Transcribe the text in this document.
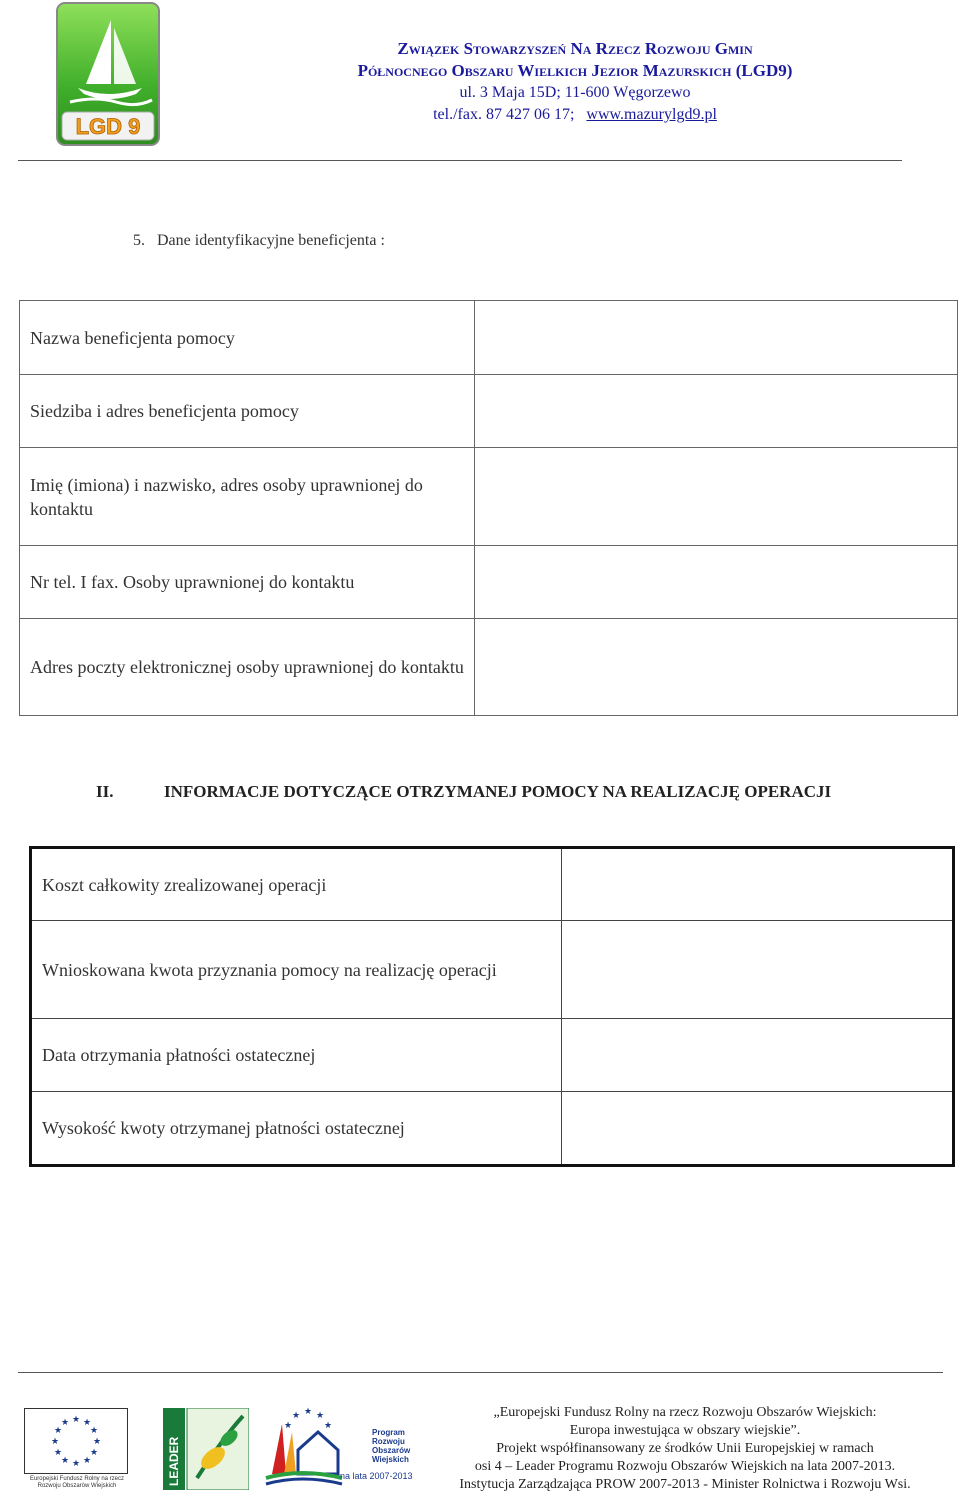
LGD 9
Związek Stowarzyszeń Na Rzecz Rozwoju Gmin
Północnego Obszaru Wielkich Jezior Mazurskich (LGD9)
ul. 3 Maja 15D; 11-600 Węgorzewo
tel./fax. 87 427 06 17; www.mazurylgd9.pl
5.   Dane identyfikacyjne beneficjenta :
Nazwa beneficjenta pomocy	
Siedziba i adres beneficjenta pomocy	
Imię (imiona) i nazwisko, adres osoby uprawnionej do kontaktu	
Nr tel. I fax. Osoby uprawnionej do kontaktu	
Adres poczty elektronicznej osoby uprawnionej do kontaktu	
II.	INFORMACJE DOTYCZĄCE OTRZYMANEJ POMOCY NA REALIZACJĘ OPERACJI
Koszt całkowity zrealizowanej operacji	
Wnioskowana kwota przyznania pomocy na realizację operacji	
Data otrzymania płatności ostatecznej	
Wysokość kwoty otrzymanej płatności ostatecznej	
★ ★
★
★
★
★
★
★
★
★
★
★
Europejski Fundusz Rolny na rzecz Rozwoju Obszarów Wiejskich	LEADER
★ ★
★
★
★
Program Rozwoju Obszarów Wiejskich
na lata 2007-2013
„Europejski Fundusz Rolny na rzecz Rozwoju Obszarów Wiejskich:
Europa inwestująca w obszary wiejskie”.
Projekt współfinansowany ze środków Unii Europejskiej w ramach
osi 4 – Leader Programu Rozwoju Obszarów Wiejskich na lata 2007-2013.
Instytucja Zarządzająca PROW 2007-2013 - Minister Rolnictwa i Rozwoju Wsi.
